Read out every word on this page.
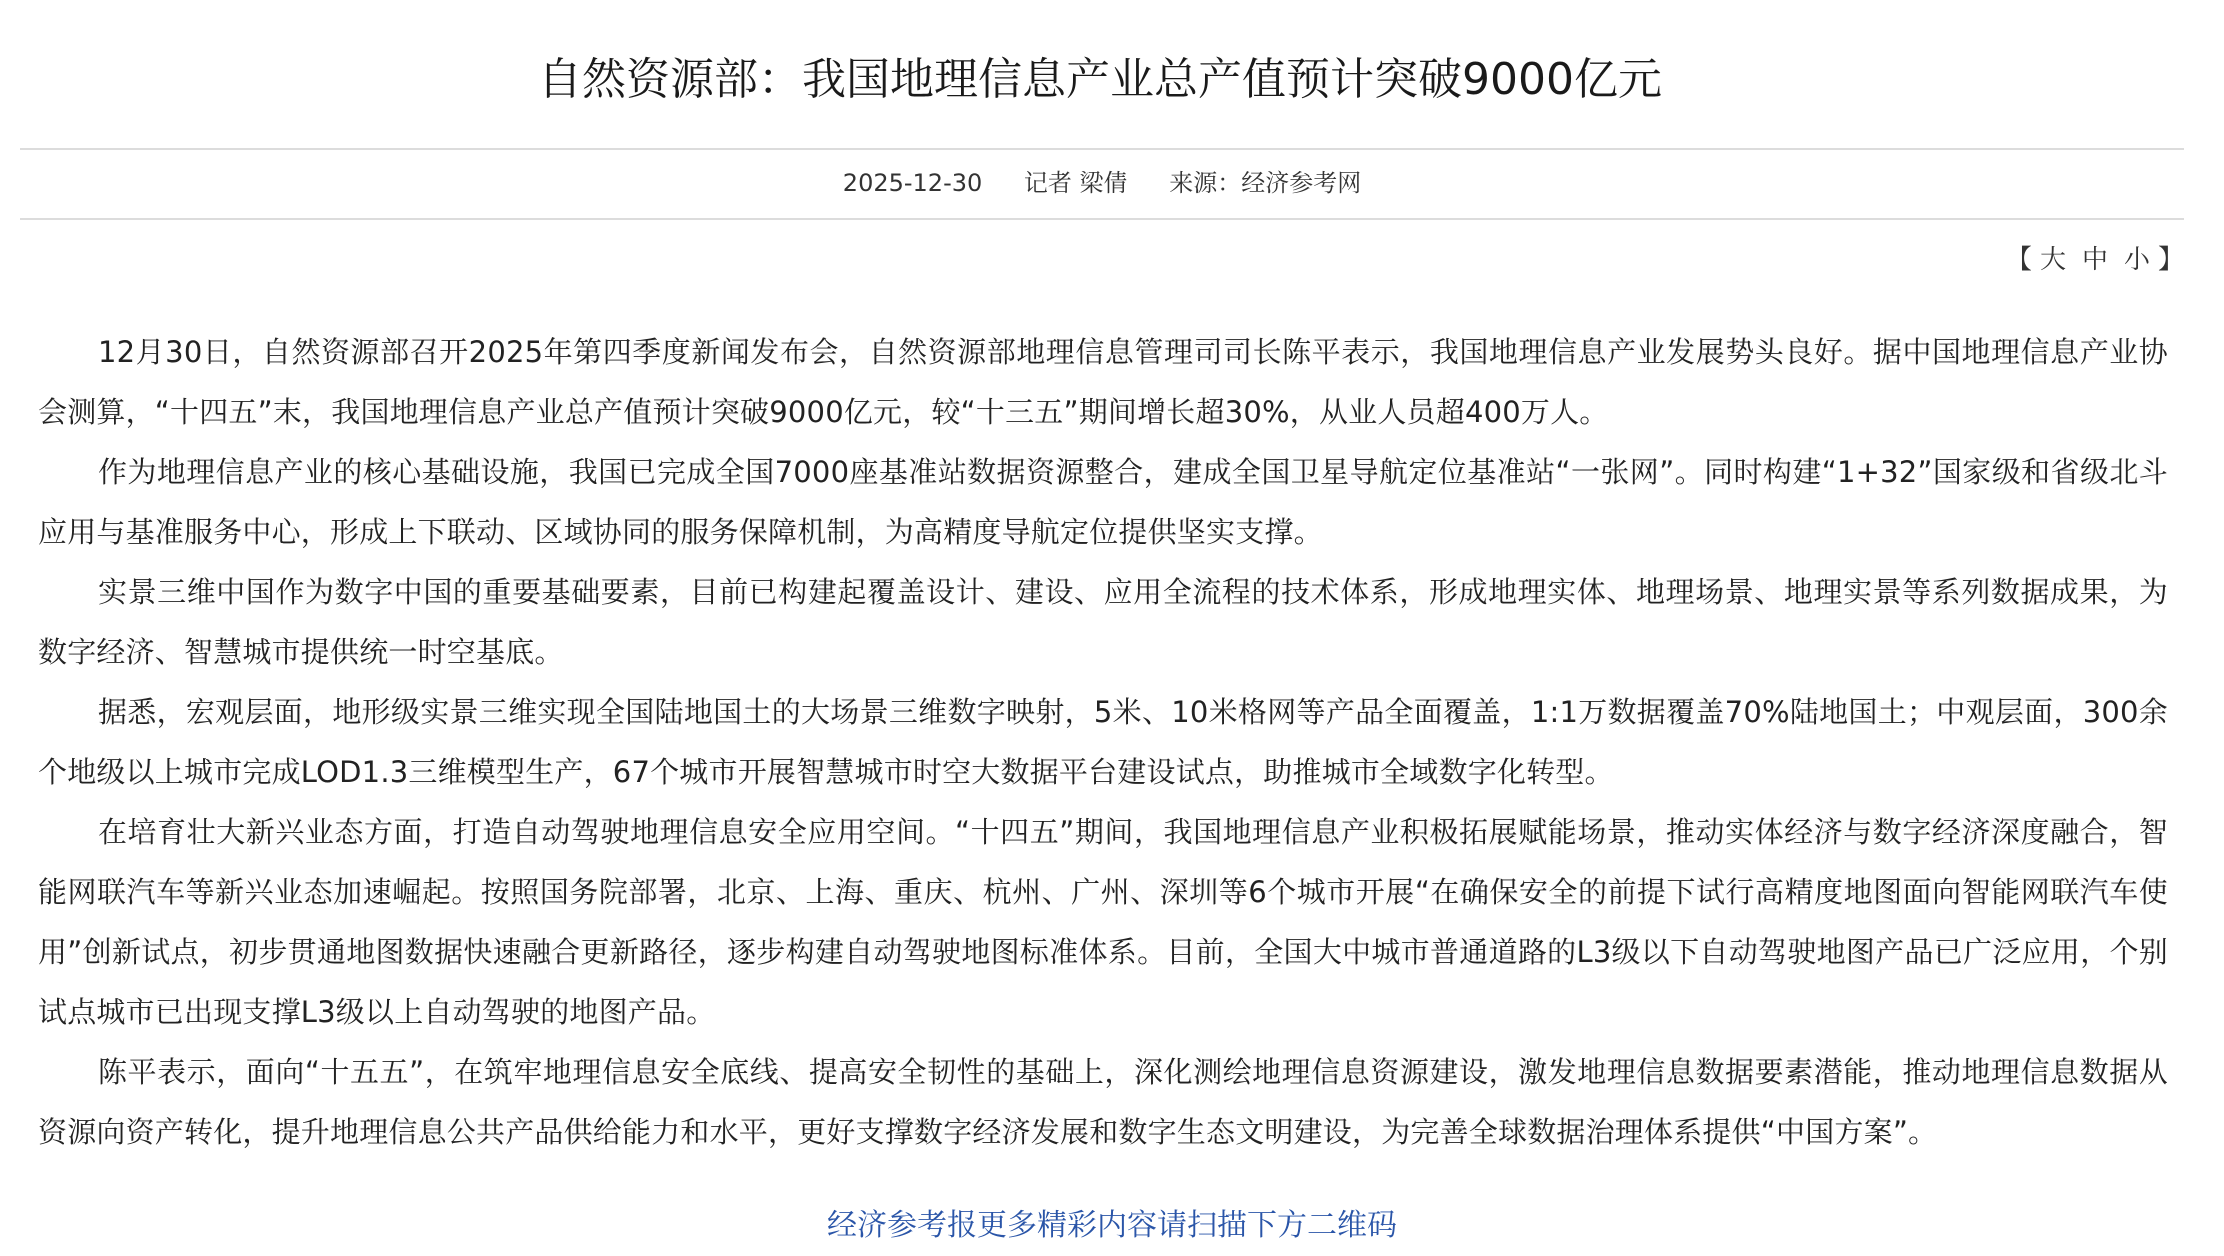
自然资源部：我国地理信息产业总产值预计突破9000亿元
2025-12-30 记者 梁倩 来源：经济参考网
【 大 中 小 】

12月30日，自然资源部召开2025年第四季度新闻发布会，自然资源部地理信息管理司司长陈平表示，我国地理信息产业发展势头良好。据中国地理信息产业协会测算，“十四五”末，我国地理信息产业总产值预计突破9000亿元，较“十三五”期间增长超30%，从业人员超400万人。

作为地理信息产业的核心基础设施，我国已完成全国7000座基准站数据资源整合，建成全国卫星导航定位基准站“一张网”。同时构建“1+32”国家级和省级北斗应用与基准服务中心，形成上下联动、区域协同的服务保障机制，为高精度导航定位提供坚实支撑。

实景三维中国作为数字中国的重要基础要素，目前已构建起覆盖设计、建设、应用全流程的技术体系，形成地理实体、地理场景、地理实景等系列数据成果，为数字经济、智慧城市提供统一时空基底。

据悉，宏观层面，地形级实景三维实现全国陆地国土的大场景三维数字映射，5米、10米格网等产品全面覆盖，1:1万数据覆盖70%陆地国土；中观层面，300余个地级以上城市完成LOD1.3三维模型生产，67个城市开展智慧城市时空大数据平台建设试点，助推城市全域数字化转型。

在培育壮大新兴业态方面，打造自动驾驶地理信息安全应用空间。“十四五”期间，我国地理信息产业积极拓展赋能场景，推动实体经济与数字经济深度融合，智能网联汽车等新兴业态加速崛起。按照国务院部署，北京、上海、重庆、杭州、广州、深圳等6个城市开展“在确保安全的前提下试行高精度地图面向智能网联汽车使用”创新试点，初步贯通地图数据快速融合更新路径，逐步构建自动驾驶地图标准体系。目前，全国大中城市普通道路的L3级以下自动驾驶地图产品已广泛应用，个别试点城市已出现支撑L3级以上自动驾驶的地图产品。

陈平表示，面向“十五五”，在筑牢地理信息安全底线、提高安全韧性的基础上，深化测绘地理信息资源建设，激发地理信息数据要素潜能，推动地理信息数据从资源向资产转化，提升地理信息公共产品供给能力和水平，更好支撑数字经济发展和数字生态文明建设，为完善全球数据治理体系提供“中国方案”。

经济参考报更多精彩内容请扫描下方二维码
